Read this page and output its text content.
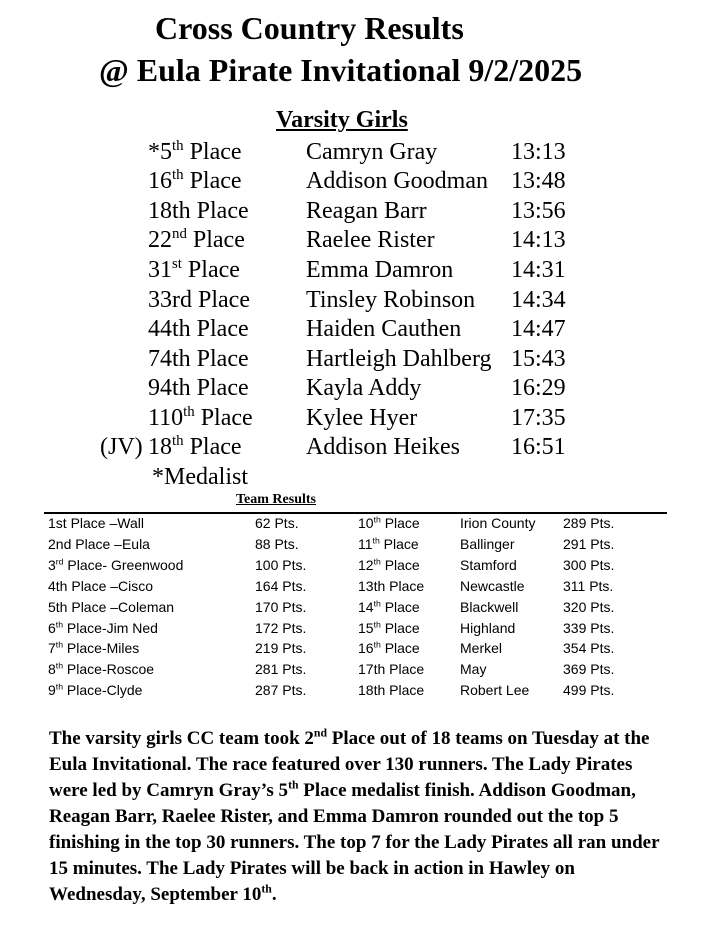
Cross Country Results
@ Eula Pirate Invitational 9/2/2025
Varsity Girls
*5th Place	Camryn Gray	13:13
16th Place	Addison Goodman 13:48
18th Place Reagan Barr	13:56
22nd Place	Raelee Rister	14:13
31st Place	Emma Damron 14:31
33rd Place Tinsley Robinson 14:34
44th Place Haiden Cauthen 14:47
74th Place Hartleigh Dahlberg 15:43
94th Place Kayla Addy	16:29
110th Place Kylee Hyer	17:35
(JV) 18th Place	Addison Heikes 16:51
*Medalist
Team Results
1st Place –Wall	62 Pts.	10th Place	Irion County 289 Pts.
2nd Place –Eula	88 Pts.	11th Place	Ballinger	291 Pts.
3rd Place- Greenwood	100 Pts.	12th Place	Stamford	300 Pts.
4th Place –Cisco	164 Pts.	13th Place	Newcastle	311 Pts.
5th Place –Coleman	170 Pts.	14th Place	Blackwell	320 Pts.
6th Place-Jim Ned	172 Pts.	15th Place	Highland	339 Pts.
7th Place-Miles	219 Pts.	16th Place	Merkel	354 Pts.
8th Place-Roscoe	281 Pts.	17th Place	May	369 Pts.
9th Place-Clyde	287 Pts.	18th Place	Robert Lee 499 Pts.

The varsity girls CC team took 2nd Place out of 18 teams on Tuesday at the Eula Invitational. The race featured over 130 runners. The Lady Pirates were led by Camryn Gray’s 5th Place medalist finish. Addison Goodman, Reagan Barr, Raelee Rister, and Emma Damron rounded out the top 5 finishing in the top 30 runners. The top 7 for the Lady Pirates all ran under 15 minutes. The Lady Pirates will be back in action in Hawley on Wednesday, September 10th.
